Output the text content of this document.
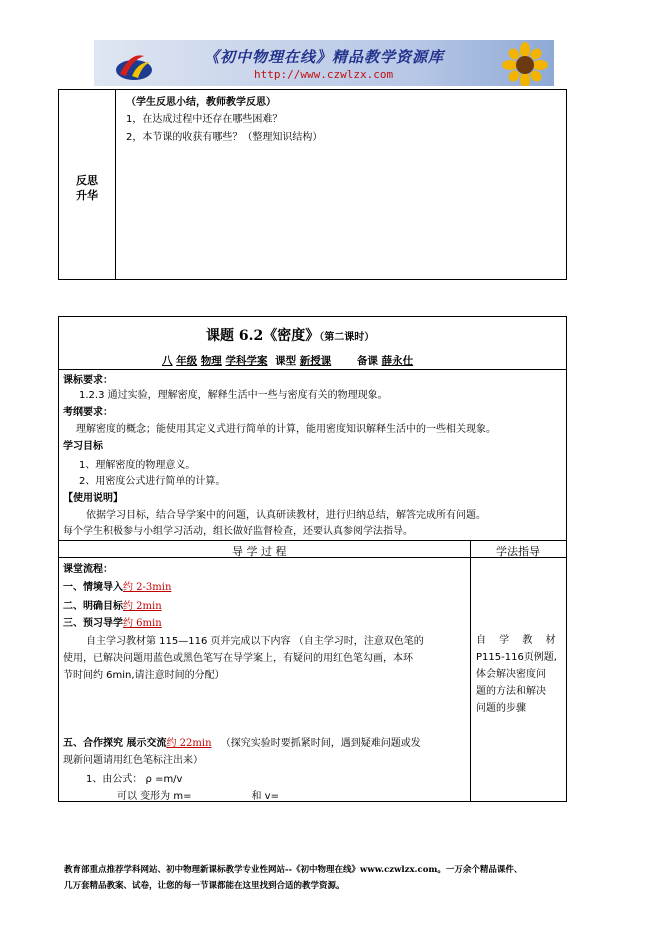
《初中物理在线》精品教学资源库
http://www.czwlzx.com
反思
升华
（学生反思小结，教师教学反思）
1，在达成过程中还存在哪些困难？
2，本节课的收获有哪些？（整理知识结构）
课题 6.2《密度》（第二课时）
八 年级 物理 学科学案 课型 新授课 备课 薛永仕
课标要求：
1.2.3 通过实验，理解密度，解释生活中一些与密度有关的物理现象。
考纲要求：
理解密度的概念；能使用其定义式进行简单的计算，能用密度知识解释生活中的一些相关现象。
学习目标
1、理解密度的物理意义。
2、用密度公式进行简单的计算。
【使用说明】
依据学习目标，结合导学案中的问题，认真研读教材，进行归纳总结，解答完成所有问题。
每个学生积极参与小组学习活动，组长做好监督检查，还要认真参阅学法指导。
导 学 过 程	学法指导
课堂流程：
一、情境导入约 2-3min
二、明确目标约 2min
三、预习导学约 6min
自主学习教材第 115—116 页并完成以下内容 （自主学习时，注意双色笔的
使用，已解决问题用蓝色或黑色笔写在导学案上，有疑问的用红色笔勾画，本环
节时间约 6min,请注意时间的分配）
五、合作探究 展示交流约 22min （探究实验时要抓紧时间，遇到疑难问题或发
现新问题请用红色笔标注出来）
1、由公式： ρ =m/v
可以 变形为 m=	和 v=
自 学 教 材
P115-116页例题,
体会解决密度问
题的方法和解决
问题的步骤
教育部重点推荐学科网站、初中物理新课标教学专业性网站--《初中物理在线》www.czwlzx.com。一万余个精品课件、
几万套精品教案、试卷，让您的每一节课都能在这里找到合适的教学资源。
